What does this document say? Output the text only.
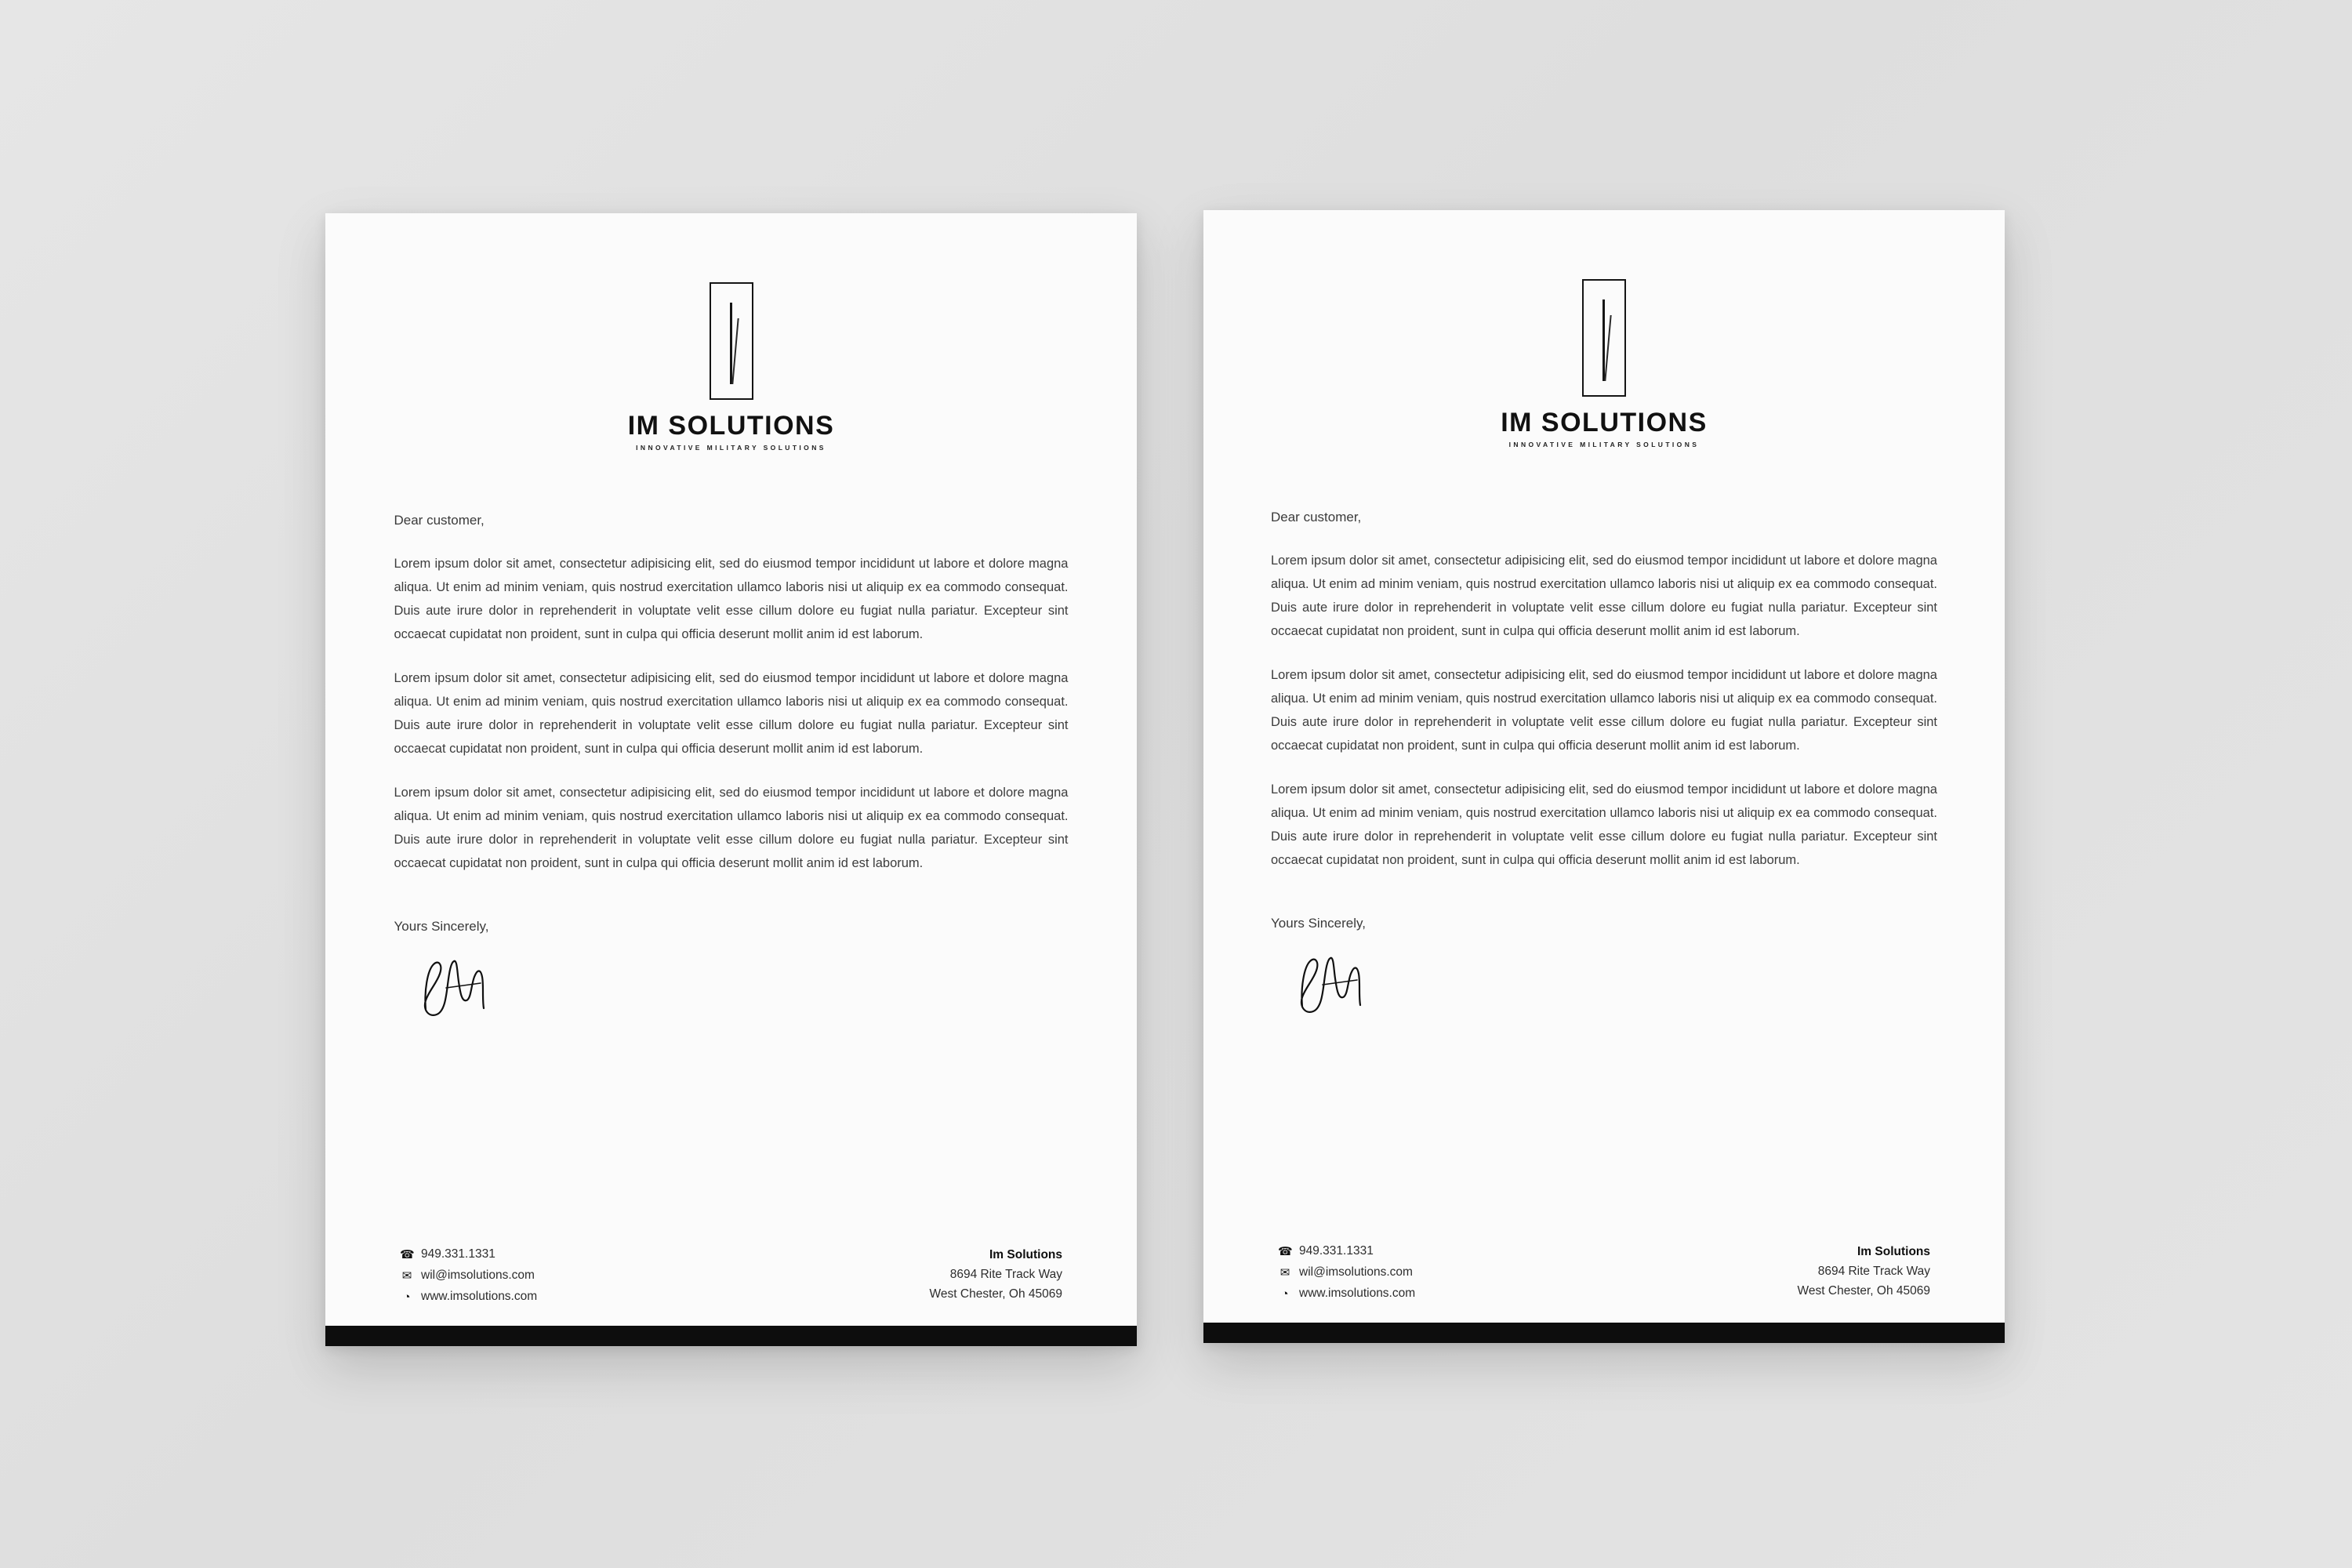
IM SOLUTIONS
INNOVATIVE MILITARY SOLUTIONS
Dear customer,

Lorem ipsum dolor sit amet, consectetur adipisicing elit, sed do eiusmod tempor incididunt ut labore et dolore magna aliqua. Ut enim ad minim veniam, quis nostrud exercitation ullamco laboris nisi ut aliquip ex ea commodo consequat. Duis aute irure dolor in reprehenderit in voluptate velit esse cillum dolore eu fugiat nulla pariatur. Excepteur sint occaecat cupidatat non proident, sunt in culpa qui officia deserunt mollit anim id est laborum.

Lorem ipsum dolor sit amet, consectetur adipisicing elit, sed do eiusmod tempor incididunt ut labore et dolore magna aliqua. Ut enim ad minim veniam, quis nostrud exercitation ullamco laboris nisi ut aliquip ex ea commodo consequat. Duis aute irure dolor in reprehenderit in voluptate velit esse cillum dolore eu fugiat nulla pariatur. Excepteur sint occaecat cupidatat non proident, sunt in culpa qui officia deserunt mollit anim id est laborum.

Lorem ipsum dolor sit amet, consectetur adipisicing elit, sed do eiusmod tempor incididunt ut labore et dolore magna aliqua. Ut enim ad minim veniam, quis nostrud exercitation ullamco laboris nisi ut aliquip ex ea commodo consequat. Duis aute irure dolor in reprehenderit in voluptate velit esse cillum dolore eu fugiat nulla pariatur. Excepteur sint occaecat cupidatat non proident, sunt in culpa qui officia deserunt mollit anim id est laborum.

Yours Sincerely,
☎ 949.331.1331
✉ wil@imsolutions.com
◔ www.imsolutions.com
Im Solutions
8694 Rite Track Way
West Chester, Oh 45069
IM SOLUTIONS
INNOVATIVE MILITARY SOLUTIONS
Dear customer,

Lorem ipsum dolor sit amet, consectetur adipisicing elit, sed do eiusmod tempor incididunt ut labore et dolore magna aliqua. Ut enim ad minim veniam, quis nostrud exercitation ullamco laboris nisi ut aliquip ex ea commodo consequat. Duis aute irure dolor in reprehenderit in voluptate velit esse cillum dolore eu fugiat nulla pariatur. Excepteur sint occaecat cupidatat non proident, sunt in culpa qui officia deserunt mollit anim id est laborum.

Lorem ipsum dolor sit amet, consectetur adipisicing elit, sed do eiusmod tempor incididunt ut labore et dolore magna aliqua. Ut enim ad minim veniam, quis nostrud exercitation ullamco laboris nisi ut aliquip ex ea commodo consequat. Duis aute irure dolor in reprehenderit in voluptate velit esse cillum dolore eu fugiat nulla pariatur. Excepteur sint occaecat cupidatat non proident, sunt in culpa qui officia deserunt mollit anim id est laborum.

Lorem ipsum dolor sit amet, consectetur adipisicing elit, sed do eiusmod tempor incididunt ut labore et dolore magna aliqua. Ut enim ad minim veniam, quis nostrud exercitation ullamco laboris nisi ut aliquip ex ea commodo consequat. Duis aute irure dolor in reprehenderit in voluptate velit esse cillum dolore eu fugiat nulla pariatur. Excepteur sint occaecat cupidatat non proident, sunt in culpa qui officia deserunt mollit anim id est laborum.

Yours Sincerely,
☎ 949.331.1331
✉ wil@imsolutions.com
◔ www.imsolutions.com
Im Solutions
8694 Rite Track Way
West Chester, Oh 45069
